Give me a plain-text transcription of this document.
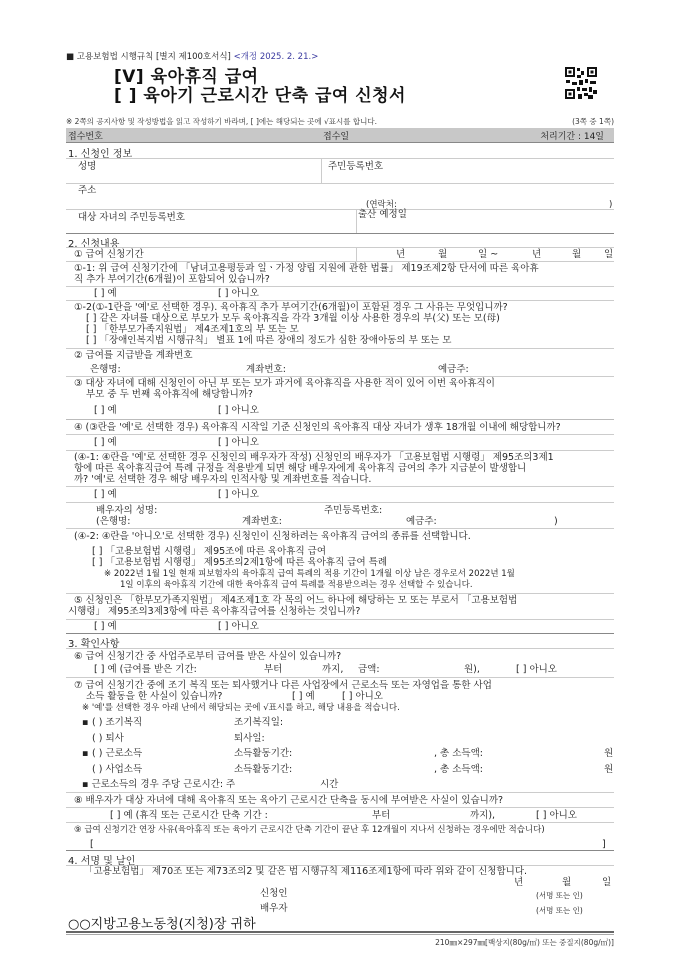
■ 고용보험법 시행규칙 [별지 제100호서식] <개정 2025. 2. 21.>
[V] 육아휴직 급여
[ ] 육아기 근로시간 단축 급여 신청서
※ 2쪽의 공지사항 및 작성방법을 읽고 작성하기 바라며, [ ]에는 해당되는 곳에 √표시를 합니다.	(3쪽 중 1쪽)
접수번호	접수일	처리기간 : 14일
1. 신청인 정보
성명	주민등록번호
주소
(연락처:	)
대상 자녀의 주민등록번호	출산 예정일
2. 신청내용
① 급여 신청기간	년	월	일 ~	년	월 일
①-1: 위 급여 신청기간에 「남녀고용평등과 일ㆍ가정 양립 지원에 관한 법률」 제19조제2항 단서에 따른 육아휴
직 추가 부여기간(6개월)이 포함되어 있습니까?
[ ] 예	[ ] 아니오
①-2(①-1란을 '예'로 선택한 경우). 육아휴직 추가 부여기간(6개월)이 포함된 경우 그 사유는 무엇입니까?
[ ] 같은 자녀를 대상으로 부모가 모두 육아휴직을 각각 3개월 이상 사용한 경우의 부(父) 또는 모(母)
[ ] 「한부모가족지원법」 제4조제1호의 부 또는 모
[ ] 「장애인복지법 시행규칙」 별표 1에 따른 장애의 정도가 심한 장애아동의 부 또는 모
② 급여를 지급받을 계좌번호
은행명:	계좌번호:	예금주:
③ 대상 자녀에 대해 신청인이 아닌 부 또는 모가 과거에 육아휴직을 사용한 적이 있어 이번 육아휴직이
부모 중 두 번째 육아휴직에 해당합니까?
[ ] 예	[ ] 아니오
④ (③란을 '예'로 선택한 경우) 육아휴직 시작일 기준 신청인의 육아휴직 대상 자녀가 생후 18개월 이내에 해당합니까?
[ ] 예	[ ] 아니오
(④-1: ④란을 '예'로 선택한 경우 신청인의 배우자가 작성) 신청인의 배우자가 「고용보험법 시행령」 제95조의3제1
항에 따른 육아휴직급여 특례 규정을 적용받게 되면 해당 배우자에게 육아휴직 급여의 추가 지급분이 발생합니
까? '예'로 선택한 경우 해당 배우자의 인적사항 및 계좌번호를 적습니다.
[ ] 예	[ ] 아니오
배우자의 성명:	주민등록번호:
(은행명:	계좌번호:	예금주:	)
(④-2: ④란을 '아니오'로 선택한 경우) 신청인이 신청하려는 육아휴직 급여의 종류를 선택합니다.
[ ] 「고용보험법 시행령」 제95조에 따른 육아휴직 급여
[ ] 「고용보험법 시행령」 제95조의2제1항에 따른 육아휴직 급여 특례
※ 2022년 1월 1일 현재 피보험자의 육아휴직 급여 특례의 적용 기간이 1개월 이상 남은 경우로서 2022년 1월
1일 이후의 육아휴직 기간에 대한 육아휴직 급여 특례를 적용받으려는 경우 선택할 수 있습니다.
⑤ 신청인은 「한부모가족지원법」 제4조제1호 각 목의 어느 하나에 해당하는 모 또는 부로서 「고용보험법
시행령」 제95조의3제3항에 따른 육아휴직급여를 신청하는 것입니까?
[ ] 예	[ ] 아니오
3. 확인사항
⑥ 급여 신청기간 중 사업주로부터 급여를 받은 사실이 있습니까?
[ ] 예 (급여를 받은 기간:	부터	까지, 금액:	원),	[ ] 아니오
⑦ 급여 신청기간 중에 조기 복직 또는 퇴사했거나 다른 사업장에서 근로소득 또는 자영업을 통한 사업
소득 활동을 한 사실이 있습니까?	[ ] 예	[ ] 아니오
※ '예'를 선택한 경우 아래 난에서 해당되는 곳에 √표시를 하고, 해당 내용을 적습니다.
▪ ( ) 조기복직	조기복직일:
( ) 퇴사	퇴사일:
▪ ( ) 근로소득	소득활동기간:	, 총 소득액:	원
( ) 사업소득	소득활동기간:	, 총 소득액:	원
▪ 근로소득의 경우 주당 근로시간: 주	시간
⑧ 배우자가 대상 자녀에 대해 육아휴직 또는 육아기 근로시간 단축을 동시에 부여받은 사실이 있습니까?
[ ] 예 (휴직 또는 근로시간 단축 기간 :	부터	까지),	[ ] 아니오
⑨ 급여 신청기간 연장 사유(육아휴직 또는 육아기 근로시간 단축 기간이 끝난 후 12개월이 지나서 신청하는 경우에만 적습니다)
[	]
4. 서명 및 날인
「고용보험법」 제70조 또는 제73조의2 및 같은 법 시행규칙 제116조제1항에 따라 위와 같이 신청합니다.
년	월	일
신청인	(서명 또는 인)
배우자	(서명 또는 인)
○○지방고용노동청(지청)장 귀하
210㎜×297㎜[백상지(80g/㎡) 또는 중질지(80g/㎡)]
